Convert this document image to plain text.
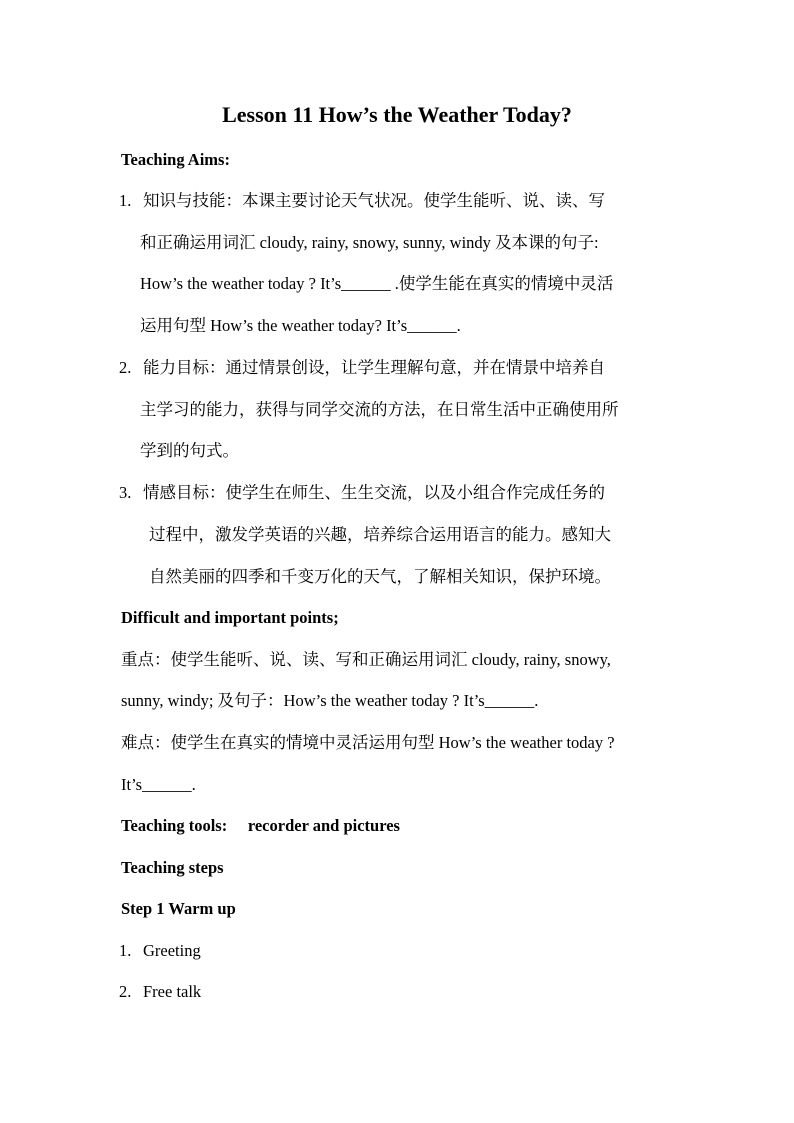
Lesson 11 How’s the Weather Today?
Teaching Aims:
1. 知识与技能：本课主要讨论天气状况。使学生能听、说、读、写
和正确运用词汇 cloudy, rainy, snowy, sunny, windy 及本课的句子:
How’s the weather today ? It’s______ .使学生能在真实的情境中灵活
运用句型 How’s the weather today? It’s______.
2. 能力目标：通过情景创设，让学生理解句意，并在情景中培养自
主学习的能力，获得与同学交流的方法，在日常生活中正确使用所
学到的句式。
3. 情感目标：使学生在师生、生生交流，以及小组合作完成任务的
过程中，激发学英语的兴趣，培养综合运用语言的能力。感知大
自然美丽的四季和千变万化的天气，了解相关知识，保护环境。
Difficult and important points;
重点：使学生能听、说、读、写和正确运用词汇 cloudy, rainy, snowy,
sunny, windy; 及句子：How’s the weather today ? It’s______.
难点：使学生在真实的情境中灵活运用句型 How’s the weather today ?
It’s______.
Teaching tools:     recorder and pictures
Teaching steps
Step 1 Warm up
1. Greeting
2. Free talk
